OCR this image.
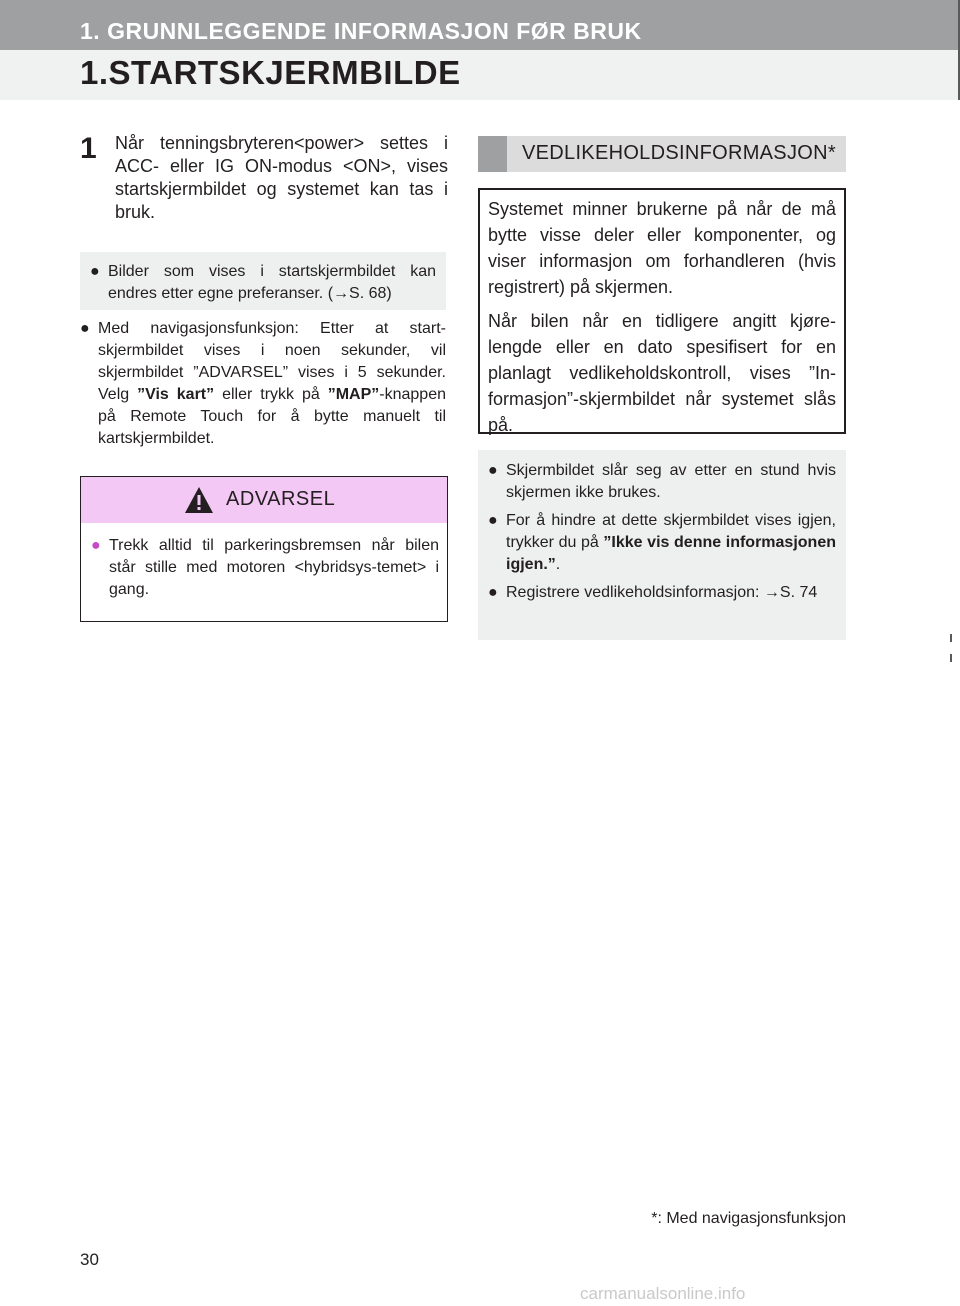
1. GRUNNLEGGENDE INFORMASJON FØR BRUK
1.STARTSKJERMBILDE
1 Når tenningsbryteren<power> settes i ACC- eller IG ON-modus <ON>, vises startskjermbildet og systemet kan tas i bruk.
● Bilder som vises i startskjermbildet kan endres etter egne preferanser. (→S. 68)
● Med navigasjonsfunksjon: Etter at start-skjermbildet vises i noen sekunder, vil skjermbildet ”ADVARSEL” vises i 5 sekunder. Velg ”Vis kart” eller trykk på ”MAP”-knappen på Remote Touch for å bytte manuelt til kartskjermbildet.
ADVARSEL
● Trekk alltid til parkeringsbremsen når bilen står stille med motoren <hybridsys-temet> i gang.
VEDLIKEHOLDSINFORMASJON*

Systemet minner brukerne på når de må bytte visse deler eller komponenter, og viser informasjon om forhandleren (hvis registrert) på skjermen.

Når bilen når en tidligere angitt kjøre-lengde eller en dato spesifisert for en planlagt vedlikeholdskontroll, vises ”In-formasjon”-skjermbildet når systemet slås på.

● Skjermbildet slår seg av etter en stund hvis skjermen ikke brukes.
● For å hindre at dette skjermbildet vises igjen, trykker du på ”Ikke vis denne informasjonen igjen.”.
● Registrere vedlikeholdsinformasjon: →S. 74
*: Med navigasjonsfunksjon
30
carmanualsonline.info
